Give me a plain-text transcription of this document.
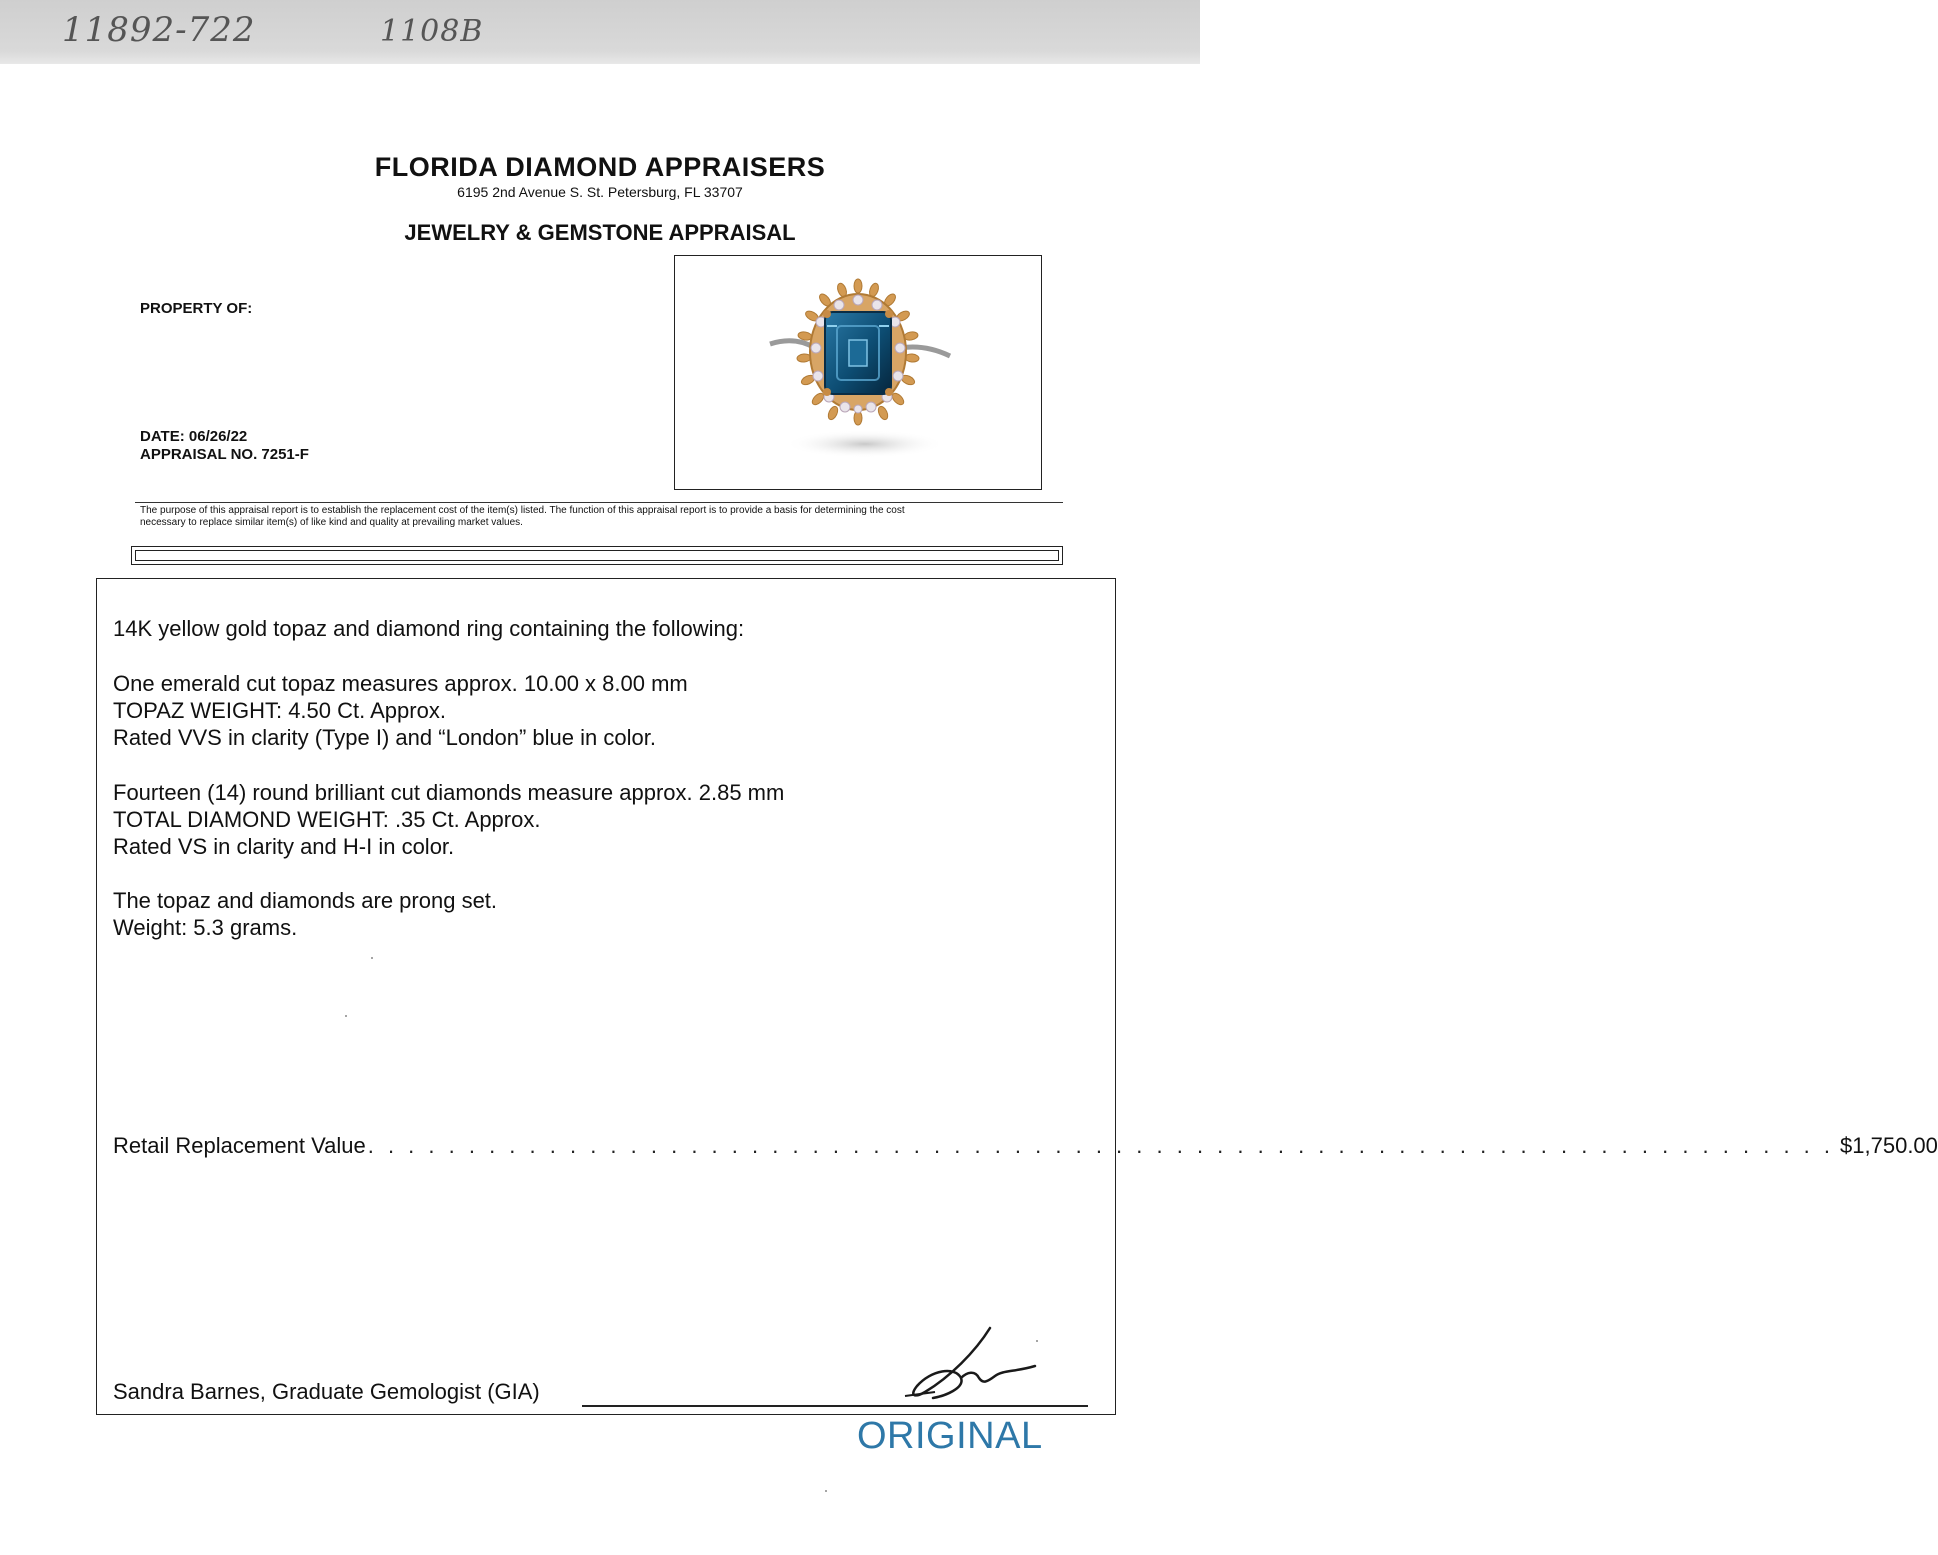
11892-722	1108B
FLORIDA DIAMOND APPRAISERS
6195 2nd Avenue S. St. Petersburg, FL 33707
JEWELRY & GEMSTONE APPRAISAL
PROPERTY OF:
DATE: 06/26/22
APPRAISAL NO. 7251-F
The purpose of this appraisal report is to establish the replacement cost of the item(s) listed. The function of this appraisal report is to provide a basis for determining the cost
necessary to replace similar item(s) of like kind and quality at prevailing market values.
14K yellow gold topaz and diamond ring containing the following:
One emerald cut topaz measures approx. 10.00 x 8.00 mm
TOPAZ WEIGHT: 4.50 Ct. Approx.
Rated VVS in clarity (Type I) and “London” blue in color.
Fourteen (14) round brilliant cut diamonds measure approx. 2.85 mm
TOTAL DIAMOND WEIGHT: .35 Ct. Approx.
Rated VS in clarity and H-I in color.
The topaz and diamonds are prong set.
Weight: 5.3 grams.
Retail Replacement Value . . . . . . . . . . . . . . . . . . . . . . . . . . . . . . . . . . . . . . . . . . . . . . . . . . . . . . . . . . . . . . . . . . . . . . . . . $1,750.00
Sandra Barnes, Graduate Gemologist (GIA)
ORIGINAL
